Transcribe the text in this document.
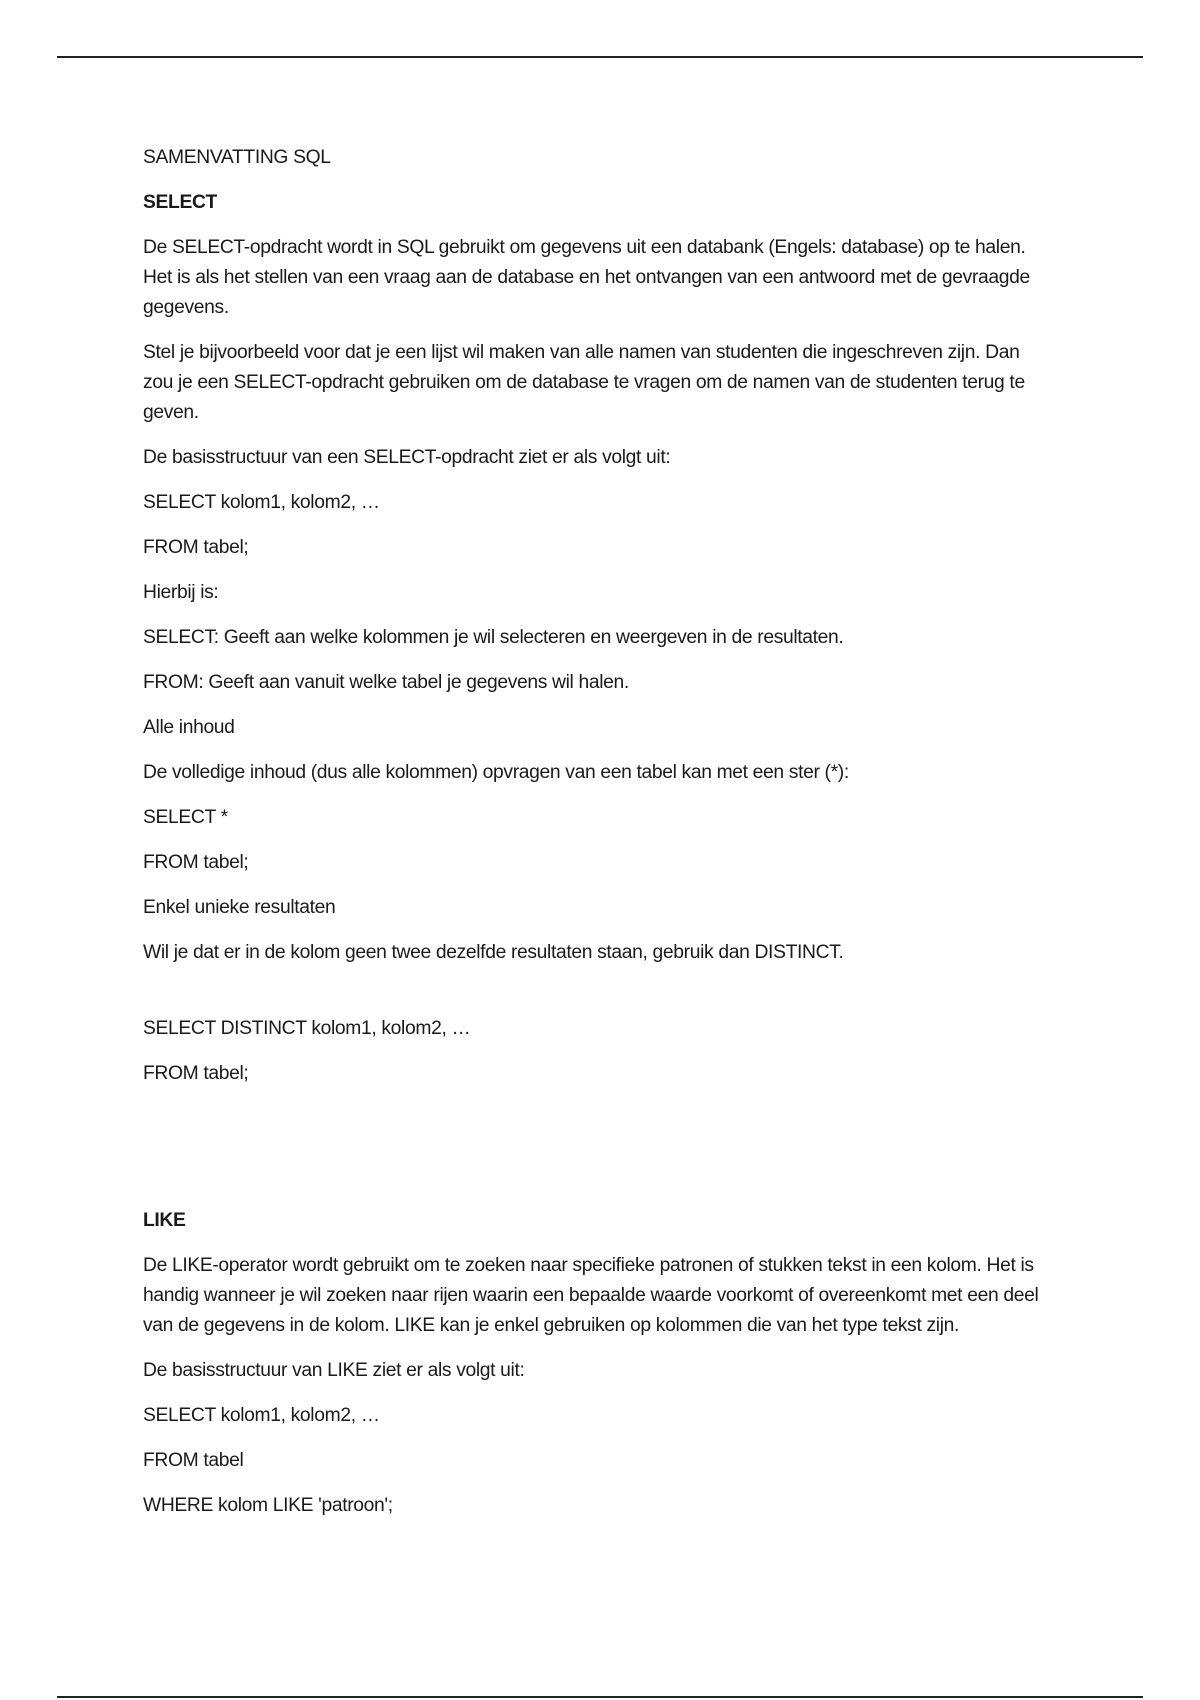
SAMENVATTING SQL

SELECT

De SELECT-opdracht wordt in SQL gebruikt om gegevens uit een databank (Engels: database) op te halen. Het is als het stellen van een vraag aan de database en het ontvangen van een antwoord met de gevraagde gegevens.

Stel je bijvoorbeeld voor dat je een lijst wil maken van alle namen van studenten die ingeschreven zijn. Dan zou je een SELECT-opdracht gebruiken om de database te vragen om de namen van de studenten terug te geven.

De basisstructuur van een SELECT-opdracht ziet er als volgt uit:

SELECT kolom1, kolom2, …

FROM tabel;

Hierbij is:

SELECT: Geeft aan welke kolommen je wil selecteren en weergeven in de resultaten.

FROM: Geeft aan vanuit welke tabel je gegevens wil halen.

Alle inhoud

De volledige inhoud (dus alle kolommen) opvragen van een tabel kan met een ster (*):

SELECT *

FROM tabel;

Enkel unieke resultaten

Wil je dat er in de kolom geen twee dezelfde resultaten staan, gebruik dan DISTINCT.

SELECT DISTINCT kolom1, kolom2, …

FROM tabel;

LIKE

De LIKE-operator wordt gebruikt om te zoeken naar specifieke patronen of stukken tekst in een kolom. Het is handig wanneer je wil zoeken naar rijen waarin een bepaalde waarde voorkomt of overeenkomt met een deel van de gegevens in de kolom. LIKE kan je enkel gebruiken op kolommen die van het type tekst zijn.

De basisstructuur van LIKE ziet er als volgt uit:

SELECT kolom1, kolom2, …

FROM tabel

WHERE kolom LIKE 'patroon';
